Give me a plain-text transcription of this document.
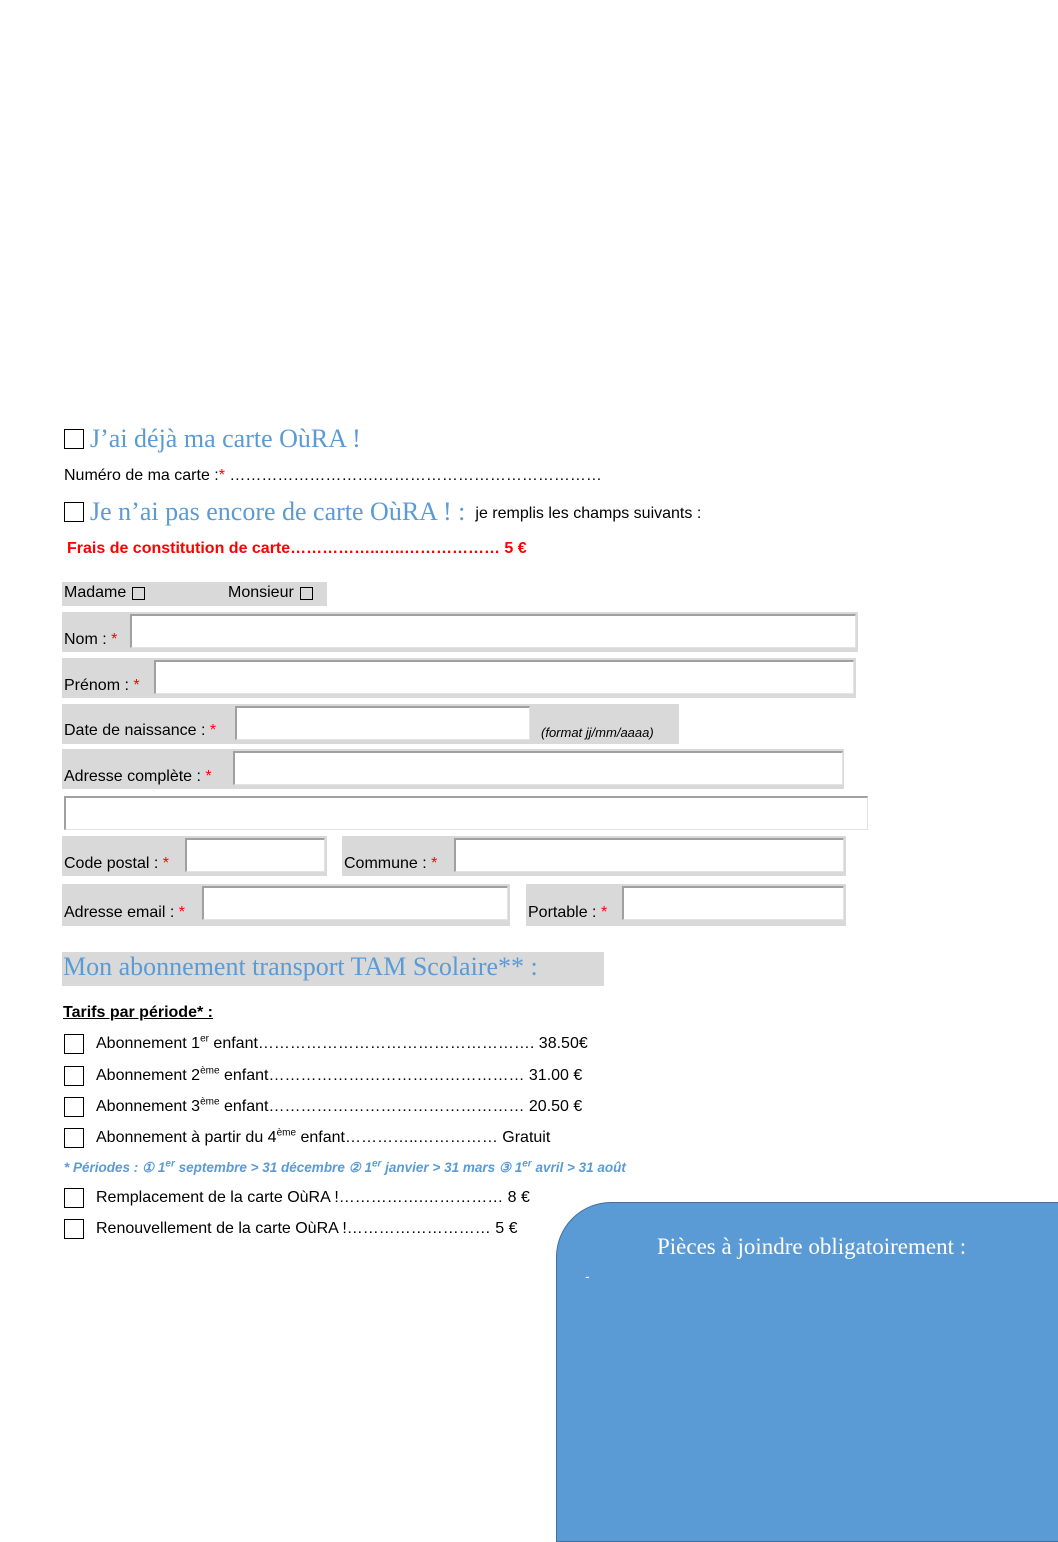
J’ai déjà ma carte OùRA !
Numéro de ma carte :* ……………………….……………………………………
Je n’ai pas encore de carte OùRA ! : je remplis les champs suivants :
Frais de constitution de carte……………..…..……………… 5 €
Madame	Monsieur
Nom : *
Prénom : *
Date de naissance : *	(format jj/mm/aaaa)
Adresse complète : *
Code postal : *	Commune : *
Adresse email : *	Portable : *
Mon abonnement transport TAM Scolaire** :
Tarifs par période* :
Abonnement 1er enfant……………………………………………. 38.50€
Abonnement 2ème enfant………………………………………… 31.00 €
Abonnement 3ème enfant………………………………………… 20.50 €
Abonnement à partir du 4ème enfant…………..…………… Gratuit
* Périodes : ① 1er septembre > 31 décembre ② 1er janvier > 31 mars ③ 1er avril > 31 août
Remplacement de la carte OùRA !…………….…………… 8 €
Renouvellement de la carte OùRA !……………………… 5 €
Pièces à joindre obligatoirement :
-
